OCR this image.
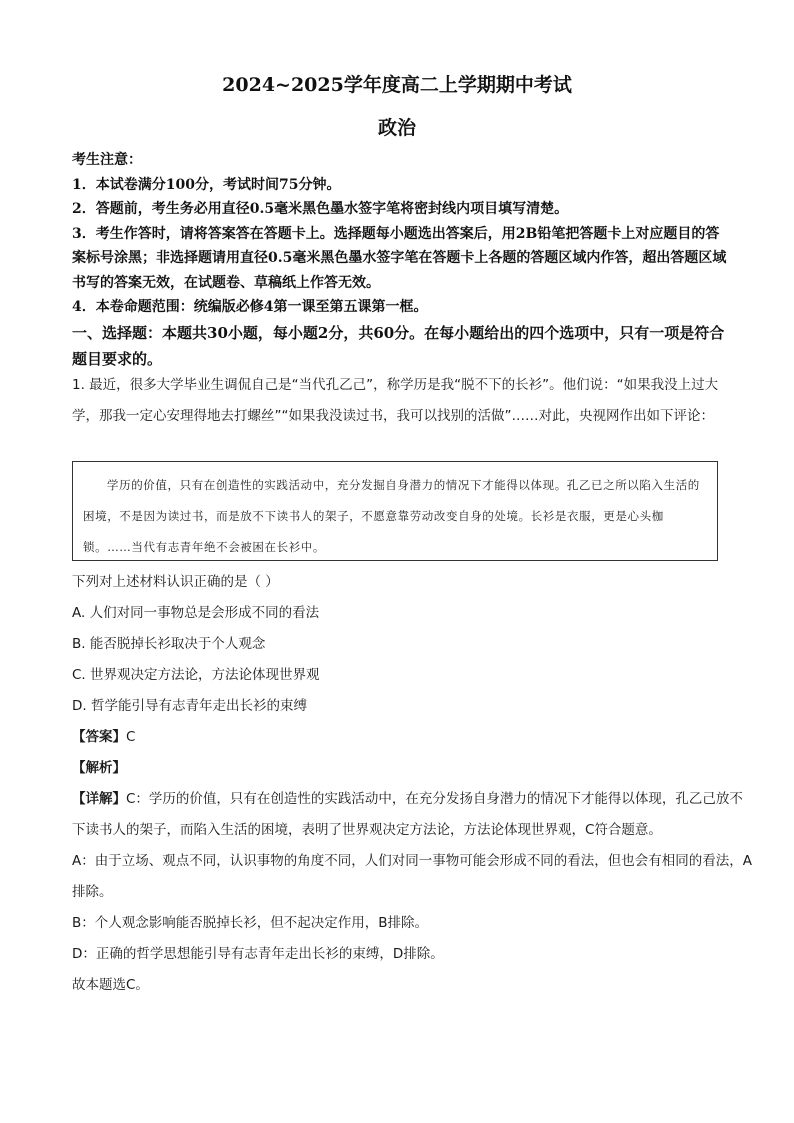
2024~2025学年度高二上学期期中考试
政治
考生注意：
1．本试卷满分100分，考试时间75分钟。
2．答题前，考生务必用直径0.5毫米黑色墨水签字笔将密封线内项目填写清楚。
3．考生作答时，请将答案答在答题卡上。选择题每小题选出答案后，用2B铅笔把答题卡上对应题目的答案标号涂黑；非选择题请用直径0.5毫米黑色墨水签字笔在答题卡上各题的答题区域内作答，超出答题区域书写的答案无效，在试题卷、草稿纸上作答无效。
4．本卷命题范围：统编版必修4第一课至第五课第一框。
一、选择题：本题共30小题，每小题2分，共60分。在每小题给出的四个选项中，只有一项是符合题目要求的。
1. 最近，很多大学毕业生调侃自己是“当代孔乙己”，称学历是我“脱不下的长衫”。他们说：“如果我没上过大学，那我一定心安理得地去打螺丝”“如果我没读过书，我可以找别的活做”……对此，央视网作出如下评论：
学历的价值，只有在创造性的实践活动中，充分发掘自身潜力的情况下才能得以体现。孔乙已之所以陷入生活的困境，不是因为读过书，而是放不下读书人的架子，不愿意靠劳动改变自身的处境。长衫是衣服，更是心头枷锁。……当代有志青年绝不会被困在长衫中。
下列对上述材料认识正确的是（ ）
A. 人们对同一事物总是会形成不同的看法
B. 能否脱掉长衫取决于个人观念
C. 世界观决定方法论，方法论体现世界观
D. 哲学能引导有志青年走出长衫的束缚
【答案】C
【解析】
【详解】C：学历的价值，只有在创造性的实践活动中，在充分发扬自身潜力的情况下才能得以体现，孔乙己放不下读书人的架子，而陷入生活的困境，表明了世界观决定方法论，方法论体现世界观，C符合题意。
A：由于立场、观点不同，认识事物的角度不同，人们对同一事物可能会形成不同的看法，但也会有相同的看法，A排除。
B：个人观念影响能否脱掉长衫，但不起决定作用，B排除。
D：正确的哲学思想能引导有志青年走出长衫的束缚，D排除。
故本题选C。
